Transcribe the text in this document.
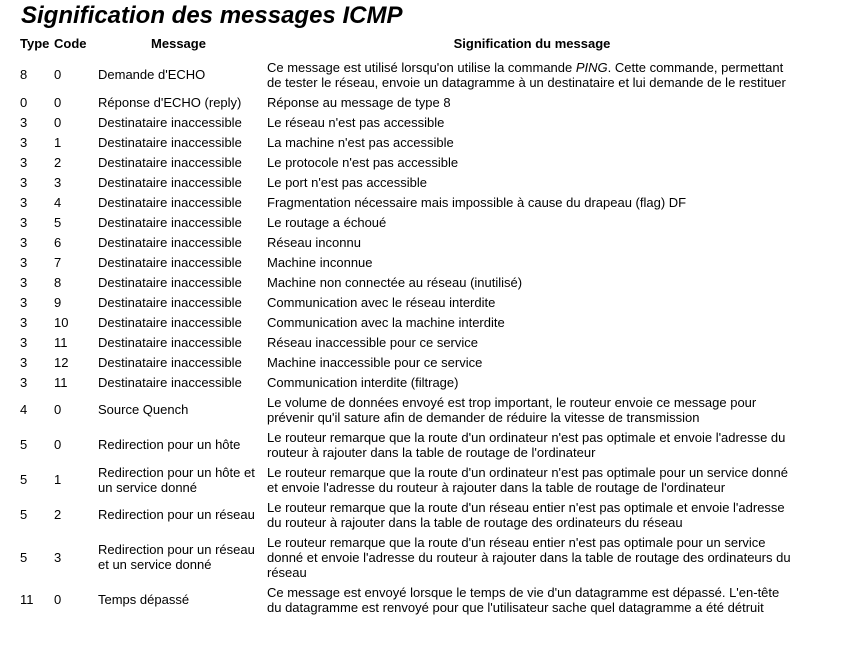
Signification des messages ICMP
Type	Code	Message	Signification du message
8	0	Demande d'ECHO	Ce message est utilisé lorsqu'on utilise la commande PING. Cette commande, permettant de tester le réseau, envoie un datagramme à un destinataire et lui demande de le restituer
0	0	Réponse d'ECHO (reply)	Réponse au message de type 8
3	0	Destinataire inaccessible	Le réseau n'est pas accessible
3	1	Destinataire inaccessible	La machine n'est pas accessible
3	2	Destinataire inaccessible	Le protocole n'est pas accessible
3	3	Destinataire inaccessible	Le port n'est pas accessible
3	4	Destinataire inaccessible	Fragmentation nécessaire mais impossible à cause du drapeau (flag) DF
3	5	Destinataire inaccessible	Le routage a échoué
3	6	Destinataire inaccessible	Réseau inconnu
3	7	Destinataire inaccessible	Machine inconnue
3	8	Destinataire inaccessible	Machine non connectée au réseau (inutilisé)
3	9	Destinataire inaccessible	Communication avec le réseau interdite
3	10	Destinataire inaccessible	Communication avec la machine interdite
3	11	Destinataire inaccessible	Réseau inaccessible pour ce service
3	12	Destinataire inaccessible	Machine inaccessible pour ce service
3	11	Destinataire inaccessible	Communication interdite (filtrage)
4	0	Source Quench	Le volume de données envoyé est trop important, le routeur envoie ce message pour prévenir qu'il sature afin de demander de réduire la vitesse de transmission
5	0	Redirection pour un hôte	Le routeur remarque que la route d'un ordinateur n'est pas optimale et envoie l'adresse du routeur à rajouter dans la table de routage de l'ordinateur
5	1	Redirection pour un hôte et un service donné	Le routeur remarque que la route d'un ordinateur n'est pas optimale pour un service donné et envoie l'adresse du routeur à rajouter dans la table de routage de l'ordinateur
5	2	Redirection pour un réseau	Le routeur remarque que la route d'un réseau entier n'est pas optimale et envoie l'adresse du routeur à rajouter dans la table de routage des ordinateurs du réseau
5	3	Redirection pour un réseau et un service donné	Le routeur remarque que la route d'un réseau entier n'est pas optimale pour un service donné et envoie l'adresse du routeur à rajouter dans la table de routage des ordinateurs du réseau
11	0	Temps dépassé	Ce message est envoyé lorsque le temps de vie d'un datagramme est dépassé. L'en-tête du datagramme est renvoyé pour que l'utilisateur sache quel datagramme a été détruit
